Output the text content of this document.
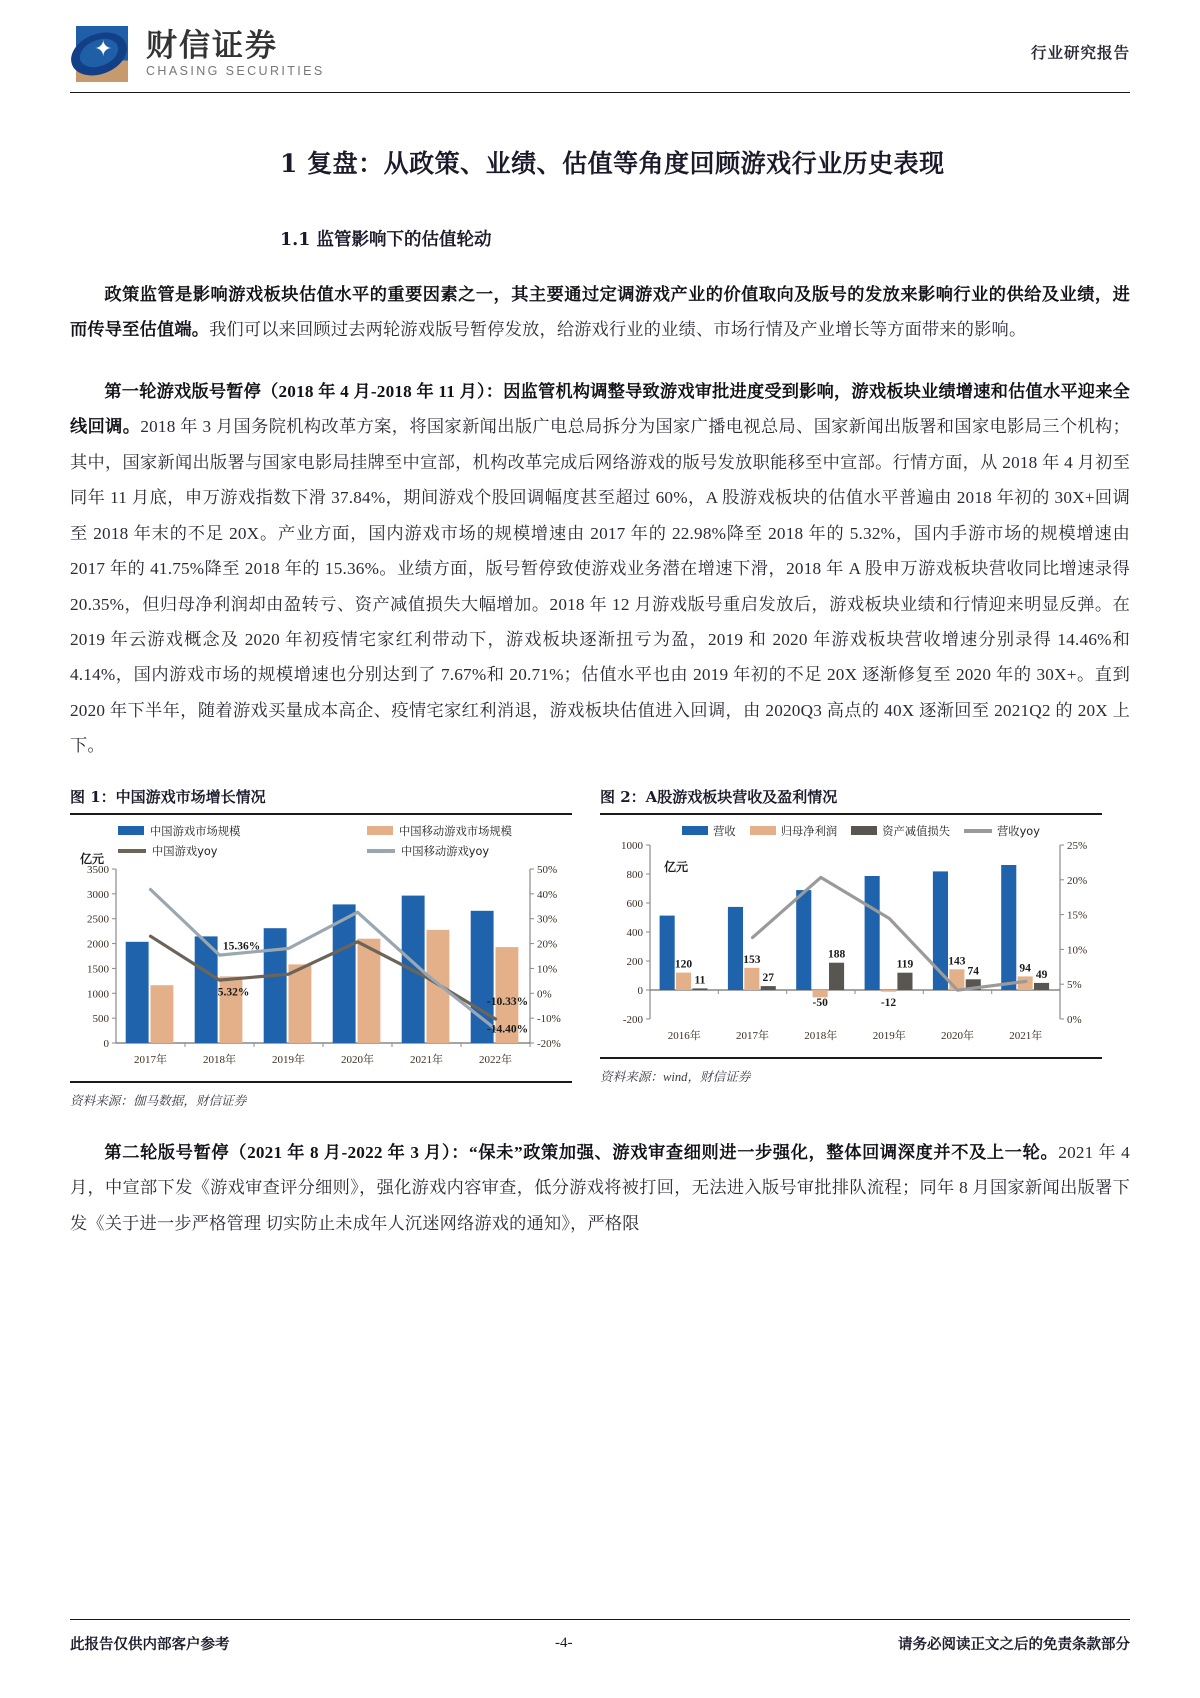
✦ 财信证券
CHASING SECURITIES
行业研究报告
1 复盘：从政策、业绩、估值等角度回顾游戏行业历史表现
1.1 监管影响下的估值轮动

政策监管是影响游戏板块估值水平的重要因素之一，其主要通过定调游戏产业的价值取向及版号的发放来影响行业的供给及业绩，进而传导至估值端。我们可以来回顾过去两轮游戏版号暂停发放，给游戏行业的业绩、市场行情及产业增长等方面带来的影响。

第一轮游戏版号暂停（2018 年 4 月-2018 年 11 月）：因监管机构调整导致游戏审批进度受到影响，游戏板块业绩增速和估值水平迎来全线回调。2018 年 3 月国务院机构改革方案，将国家新闻出版广电总局拆分为国家广播电视总局、国家新闻出版署和国家电影局三个机构；其中，国家新闻出版署与国家电影局挂牌至中宣部，机构改革完成后网络游戏的版号发放职能移至中宣部。行情方面，从 2018 年 4 月初至同年 11 月底，申万游戏指数下滑 37.84%，期间游戏个股回调幅度甚至超过 60%，A 股游戏板块的估值水平普遍由 2018 年初的 30X+回调至 2018 年末的不足 20X。产业方面，国内游戏市场的规模增速由 2017 年的 22.98%降至 2018 年的 5.32%，国内手游市场的规模增速由 2017 年的 41.75%降至 2018 年的 15.36%。业绩方面，版号暂停致使游戏业务潜在增速下滑，2018 年 A 股申万游戏板块营收同比增速录得 20.35%，但归母净利润却由盈转亏、资产减值损失大幅增加。2018 年 12 月游戏版号重启发放后，游戏板块业绩和行情迎来明显反弹。在 2019 年云游戏概念及 2020 年初疫情宅家红利带动下，游戏板块逐渐扭亏为盈，2019 和 2020 年游戏板块营收增速分别录得 14.46%和 4.14%，国内游戏市场的规模增速也分别达到了 7.67%和 20.71%；估值水平也由 2019 年初的不足 20X 逐渐修复至 2020 年的 30X+。直到 2020 年下半年，随着游戏买量成本高企、疫情宅家红利消退，游戏板块估值进入回调，由 2020Q3 高点的 40X 逐渐回至 2021Q2 的 20X 上下。

图 1：中国游戏市场增长情况
中国游戏市场规模	中国移动游戏市场规模
中国游戏yoy	中国移动游戏yoy
0
500
1000
1500
2000
2500
3000
3500
-20%
-10%
0%
10%
20%
30%
40%
50%
2017年	2018年	2019年	2020年	2021年	2022年
亿元
15.36%
5.32%
-10.33%
-14.40%
资料来源：伽马数据，财信证券
图 2：A股游戏板块营收及盈利情况
营收	归母净利润	资产减值损失	营收yoy
-200
0
200
400
600
800
1000
0%
5%
10%
15%
20%
25%
2016年	2017年	2018年	2019年	2020年	2021年
亿元
120
11
153
27
-50
188
-12
119	143
74	94
49
资料来源：wind，财信证券

第二轮版号暂停（2021 年 8 月-2022 年 3 月）：“保未”政策加强、游戏审查细则进一步强化，整体回调深度并不及上一轮。2021 年 4 月，中宣部下发《游戏审查评分细则》，强化游戏内容审查，低分游戏将被打回，无法进入版号审批排队流程；同年 8 月国家新闻出版署下发《关于进一步严格管理 切实防止未成年人沉迷网络游戏的通知》，严格限

此报告仅供内部客户参考	-4-	请务必阅读正文之后的免责条款部分
